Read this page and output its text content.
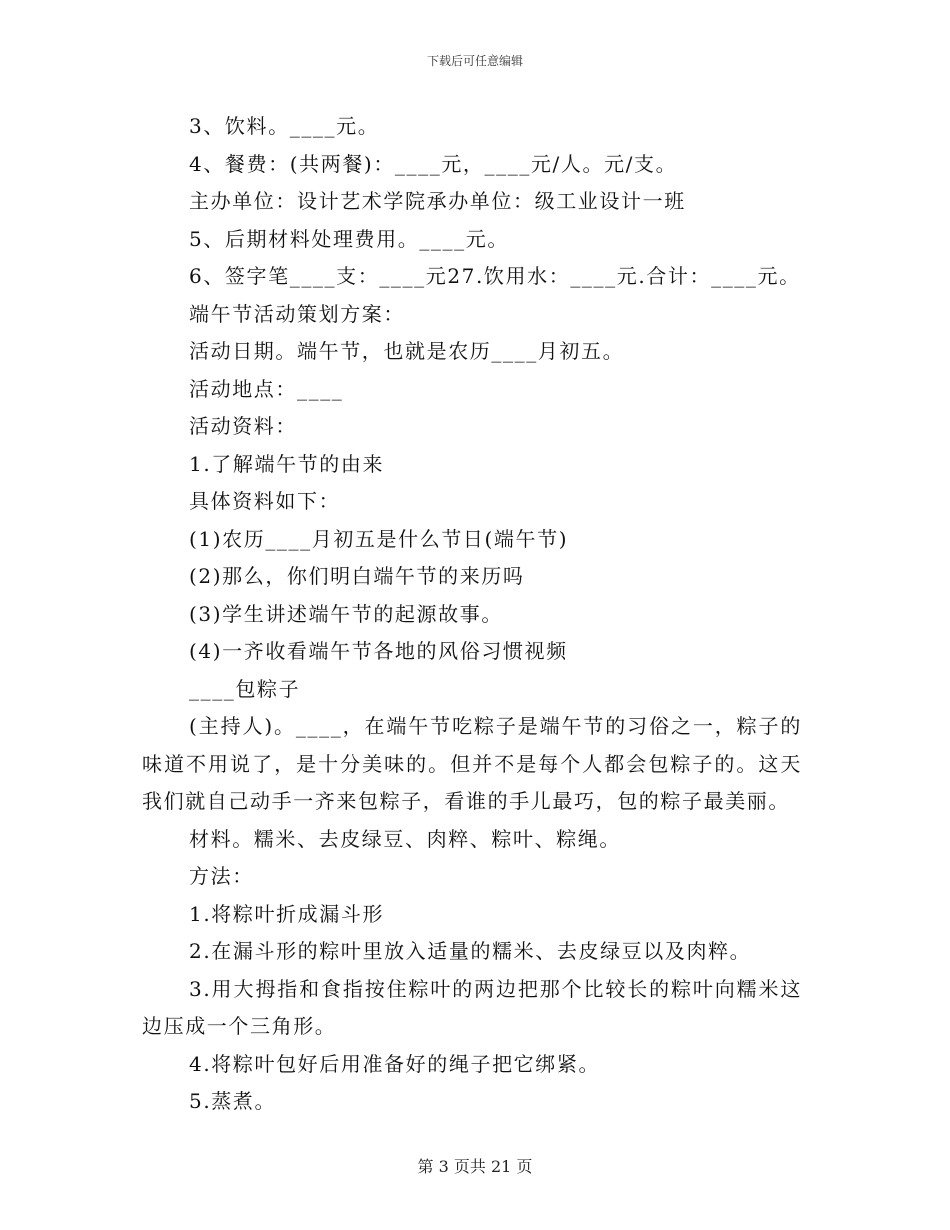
下载后可任意编辑

3、饮料。____元。

4、餐费：(共两餐)：____元，____元/人。元/支。

主办单位：设计艺术学院承办单位：级工业设计一班

5、后期材料处理费用。____元。

6、签字笔____支：____元27.饮用水：____元.合计：____元。

端午节活动策划方案：

活动日期。端午节，也就是农历____月初五。

活动地点：____

活动资料：

1.了解端午节的由来

具体资料如下：

(1)农历____月初五是什么节日(端午节)

(2)那么，你们明白端午节的来历吗

(3)学生讲述端午节的起源故事。

(4)一齐收看端午节各地的风俗习惯视频

____包粽子

(主持人)。____，在端午节吃粽子是端午节的习俗之一，粽子的味道不用说了，是十分美味的。但并不是每个人都会包粽子的。这天我们就自己动手一齐来包粽子，看谁的手儿最巧，包的粽子最美丽。

材料。糯米、去皮绿豆、肉粹、粽叶、粽绳。

方法：

1.将粽叶折成漏斗形

2.在漏斗形的粽叶里放入适量的糯米、去皮绿豆以及肉粹。

3.用大拇指和食指按住粽叶的两边把那个比较长的粽叶向糯米这边压成一个三角形。

4.将粽叶包好后用准备好的绳子把它绑紧。

5.蒸煮。

第 3 页共 21 页
